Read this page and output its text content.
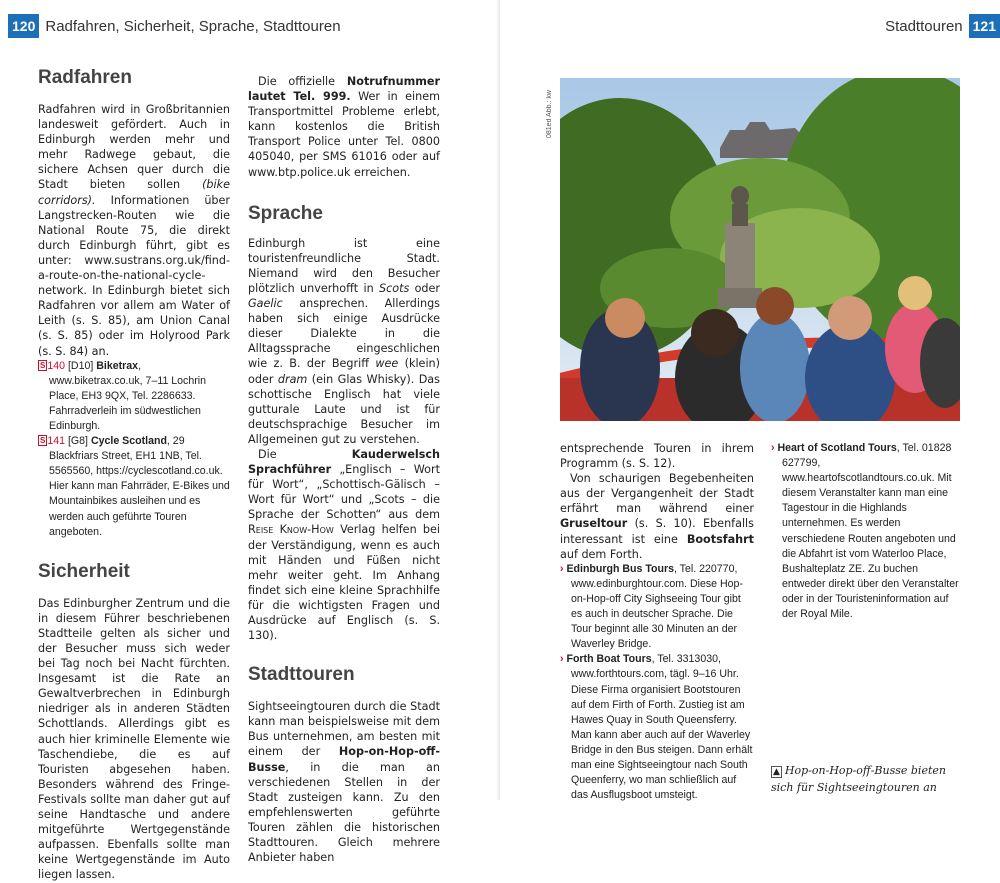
120 Radfahren, Sicherheit, Sprache, Stadttouren
Radfahren

Radfahren wird in Großbritannien landesweit gefördert. Auch in Edinburgh werden mehr und mehr Radwege gebaut, die sichere Achsen quer durch die Stadt bieten sollen (bike corridors). Informationen über Langstrecken-Routen wie die National Route 75, die direkt durch Edinburgh führt, gibt es unter: www.sustrans.org.uk/find-a-route-on-the-national-cycle-network. In Edinburgh bietet sich Radfahren vor allem am Water of Leith (s. S. 85), am Union Canal (s. S. 85) oder im Holyrood Park (s. S. 84) an.

S 140 [D10] Biketrax, www.biketrax.co.uk, 7–11 Lochrin Place, EH3 9QX, Tel. 2286633. Fahrradverleih im südwestlichen Edinburgh.
S 141 [G8] Cycle Scotland, 29 Blackfriars Street, EH1 1NB, Tel. 5565560, https://cyclescotland.co.uk. Hier kann man Fahrräder, E-Bikes und Mountainbikes ausleihen und es werden auch geführte Touren angeboten.
Sicherheit

Das Edinburgher Zentrum und die in diesem Führer beschriebenen Stadtteile gelten als sicher und der Besucher muss sich weder bei Tag noch bei Nacht fürchten. Insgesamt ist die Rate an Gewaltverbrechen in Edinburgh niedriger als in anderen Städten Schottlands. Allerdings gibt es auch hier kriminelle Elemente wie Taschendiebe, die es auf Touristen abgesehen haben. Besonders während des Fringe-Festivals sollte man daher gut auf seine Handtasche und andere mitgeführte Wertgegenstände aufpassen. Ebenfalls sollte man keine Wertgegenstände im Auto liegen lassen.

Die offizielle Notrufnummer lautet Tel. 999. Wer in einem Transportmittel Probleme erlebt, kann kostenlos die British Transport Police unter Tel. 0800 405040, per SMS 61016 oder auf www.btp.police.uk erreichen.

Sprache

Edinburgh ist eine touristenfreundliche Stadt. Niemand wird den Besucher plötzlich unverhofft in Scots oder Gaelic ansprechen. Allerdings haben sich einige Ausdrücke dieser Dialekte in die Alltagssprache eingeschlichen wie z. B. der Begriff wee (klein) oder dram (ein Glas Whisky). Das schottische Englisch hat viele gutturale Laute und ist für deutschsprachige Besucher im Allgemeinen gut zu verstehen.

Die	Kauderwelsch Sprachführer „Englisch – Wort für Wort“, „Schottisch-Gälisch – Wort für Wort“ und „Scots – die Sprache der Schotten“ aus dem Reise Know-How Verlag helfen bei der Verständigung, wenn es auch mit Händen und Füßen nicht mehr weiter geht. Im Anhang findet sich eine kleine Sprachhilfe für die wichtigsten Fragen und Ausdrücke auf Englisch (s. S. 130).

Stadttouren

Sightseeingtouren durch die Stadt kann man beispielsweise mit dem Bus unternehmen, am besten mit einem der Hop-on-Hop-off-Busse, in die man an verschiedenen Stellen in der Stadt zusteigen kann. Zu den empfehlenswerten geführte Touren zählen die historischen Stadttouren. Gleich mehrere Anbieter haben

Stadttouren 121
081ed Abb.: kw

entsprechende Touren in ihrem Programm (s. S. 12).

Von schaurigen Begebenheiten aus der Vergangenheit der Stadt erfährt man während einer Gruseltour (s. S. 10). Ebenfalls interessant ist eine Bootsfahrt auf dem Forth.

› Edinburgh Bus Tours, Tel. 220770, www.edinburghtour.com. Diese Hop-on-Hop-off City Sighseeing Tour gibt es auch in deutscher Sprache. Die Tour beginnt alle 30 Minuten an der Waverley Bridge.
› Forth Boat Tours, Tel. 3313030, www.forthtours.com, tägl. 9–16 Uhr. Diese Firma organisiert Bootstouren auf dem Firth of Forth. Zustieg ist am Hawes Quay in South Queensferry. Man kann aber auch auf der Waverley Bridge in den Bus steigen. Dann erhält man eine Sightseeingtour nach South Queenferry, wo man schließlich auf das Ausflugsboot umsteigt.
› Heart of Scotland Tours, Tel. 01828 627799, www.heartofscotlandtours.co.uk. Mit diesem Veranstalter kann man eine Tagestour in die Highlands unternehmen. Es werden verschiedene Routen angeboten und die Abfahrt ist vom Waterloo Place, Bushalteplatz ZE. Zu buchen entweder direkt über den Veranstalter oder in der Touristeninformation auf der Royal Mile.
▲ Hop-on-Hop-off-Busse bieten sich für Sightseeingtouren an
